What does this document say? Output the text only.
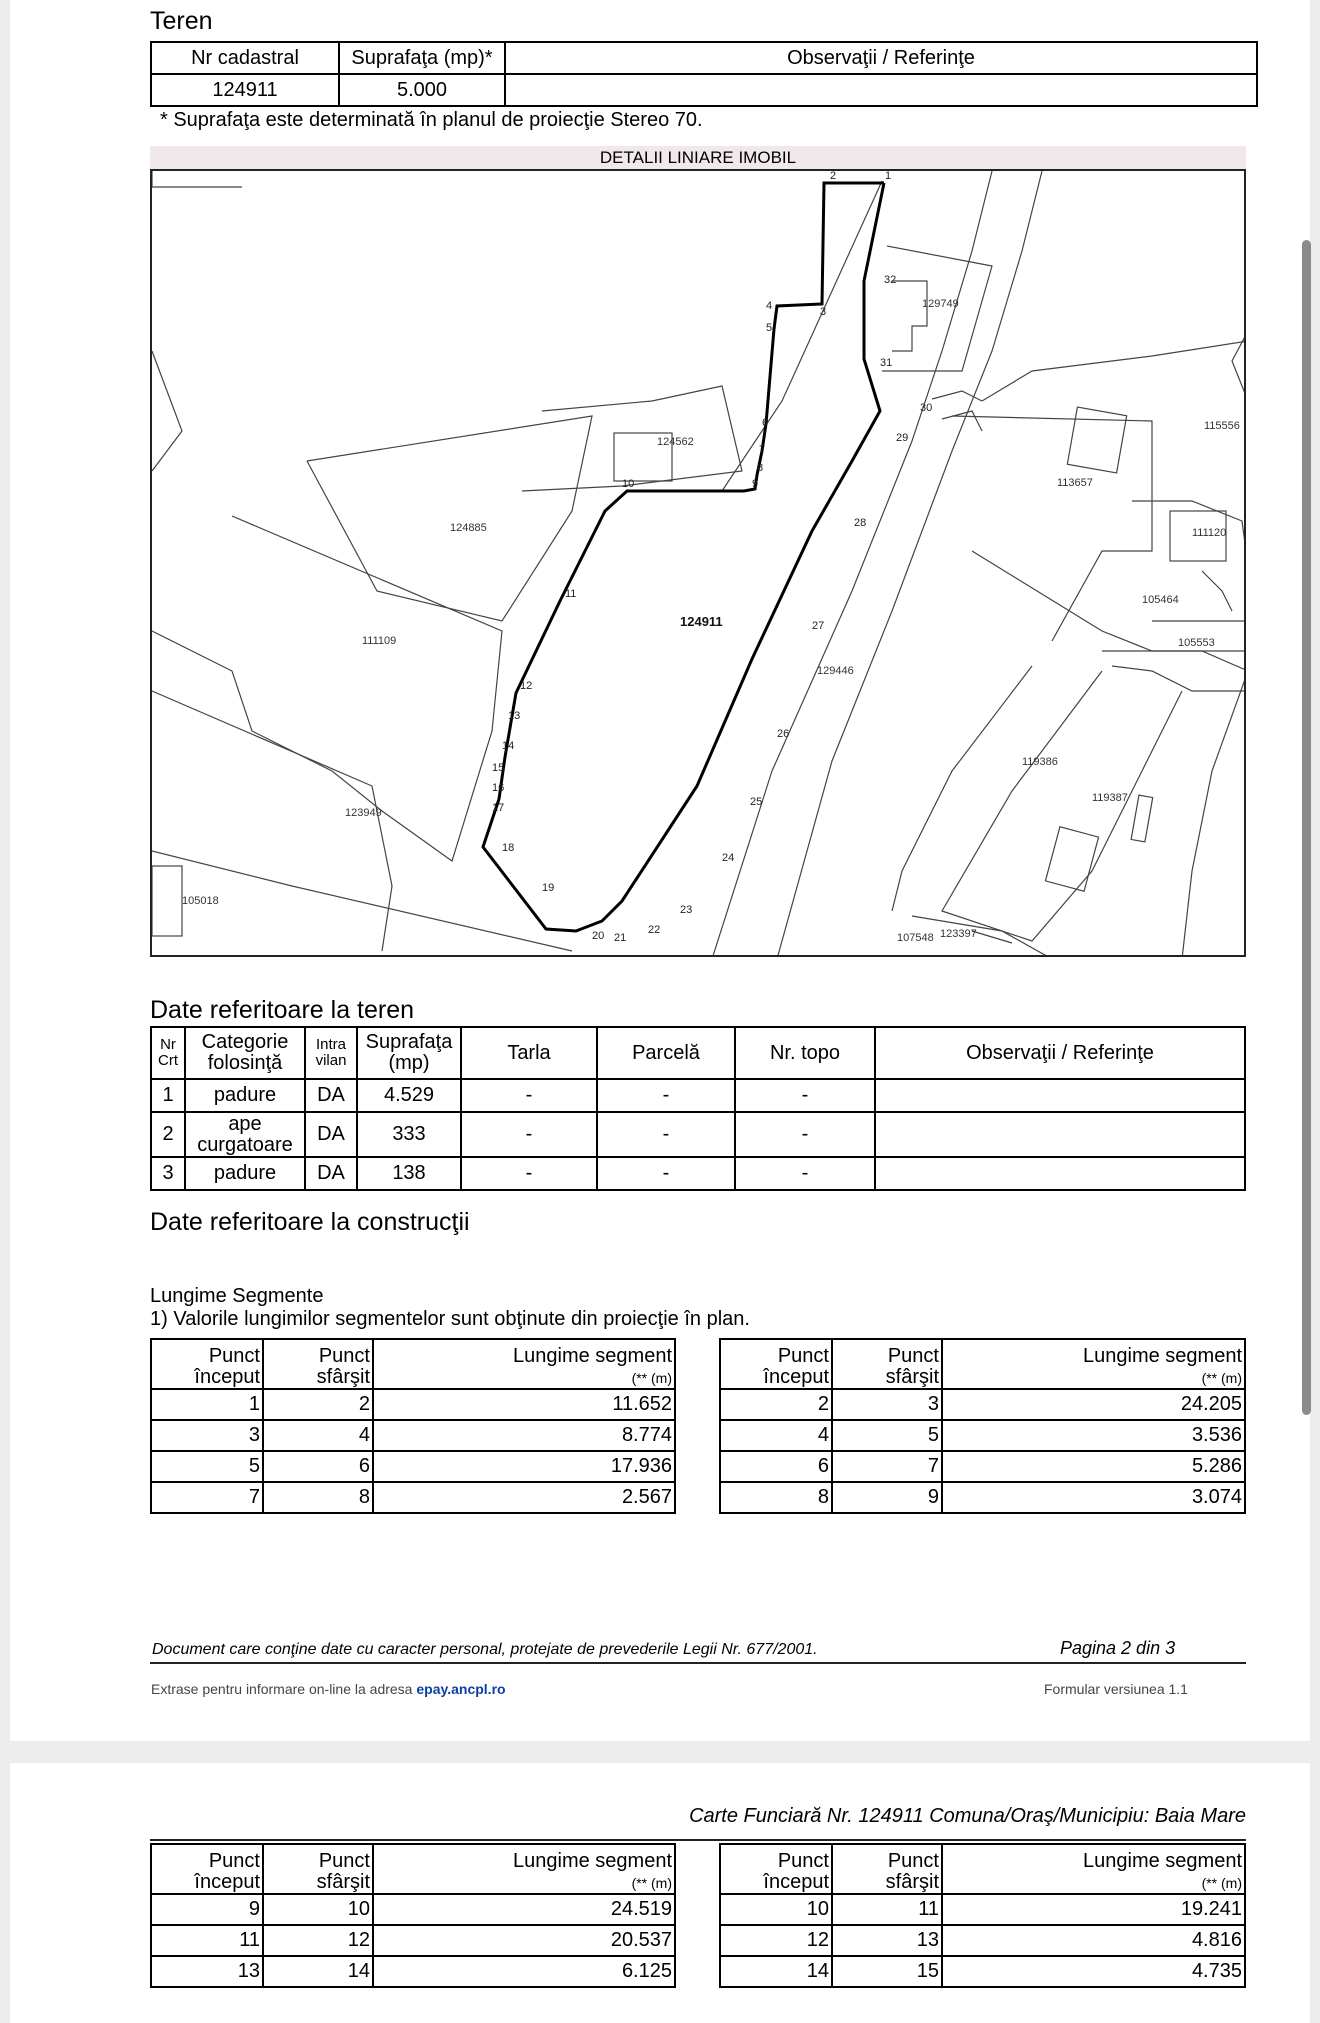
Teren
Nr cadastral	Suprafaţa (mp)*	Observaţii / Referinţe
124911	5.000	
* Suprafaţa este determinată în planul de proiecţie Stereo 70.
DETALII LINIARE IMOBIL
2	1
3
4
5
6
7
8
9
10
11
12
13
14
15
16
17
18
19
20 21
22
23
24
25
26
27
28
29
30
31
32
124911
124885
124562
129749
111109
123949
105018
129446
113657
115556
111120
105464
105553
119386
119387
107548 123397
Date referitoare la teren
Nr Crt	Categorie folosinţă	Intra vilan	Suprafaţa (mp)	Tarla	Parcelă	Nr. topo	Observaţii / Referinţe
1	padure	DA	4.529	-	-	-	
2	ape curgatoare	DA	333	-	-	-	
3	padure	DA	138	-	-	-	
Date referitoare la construcţii
Lungime Segmente
1) Valorile lungimilor segmentelor sunt obţinute din proiecţie în plan.
Punct început	Punct sfârşit	Lungime segment
(** (m)
1	2	11.652
3	4	8.774
5	6	17.936
7	8	2.567
Punct început	Punct sfârşit	Lungime segment
(** (m)
2	3	24.205
4	5	3.536
6	7	5.286
8	9	3.074
Document care conţine date cu caracter personal, protejate de prevederile Legii Nr. 677/2001.	Pagina 2 din 3
Extrase pentru informare on-line la adresa epay.ancpl.ro	Formular versiunea 1.1
Carte Funciară Nr. 124911 Comuna/Oraş/Municipiu: Baia Mare
Punct început	Punct sfârşit	Lungime segment
(** (m)
9	10	24.519
11	12	20.537
13	14	6.125
Punct început	Punct sfârşit	Lungime segment
(** (m)
10	11	19.241
12	13	4.816
14	15	4.735
